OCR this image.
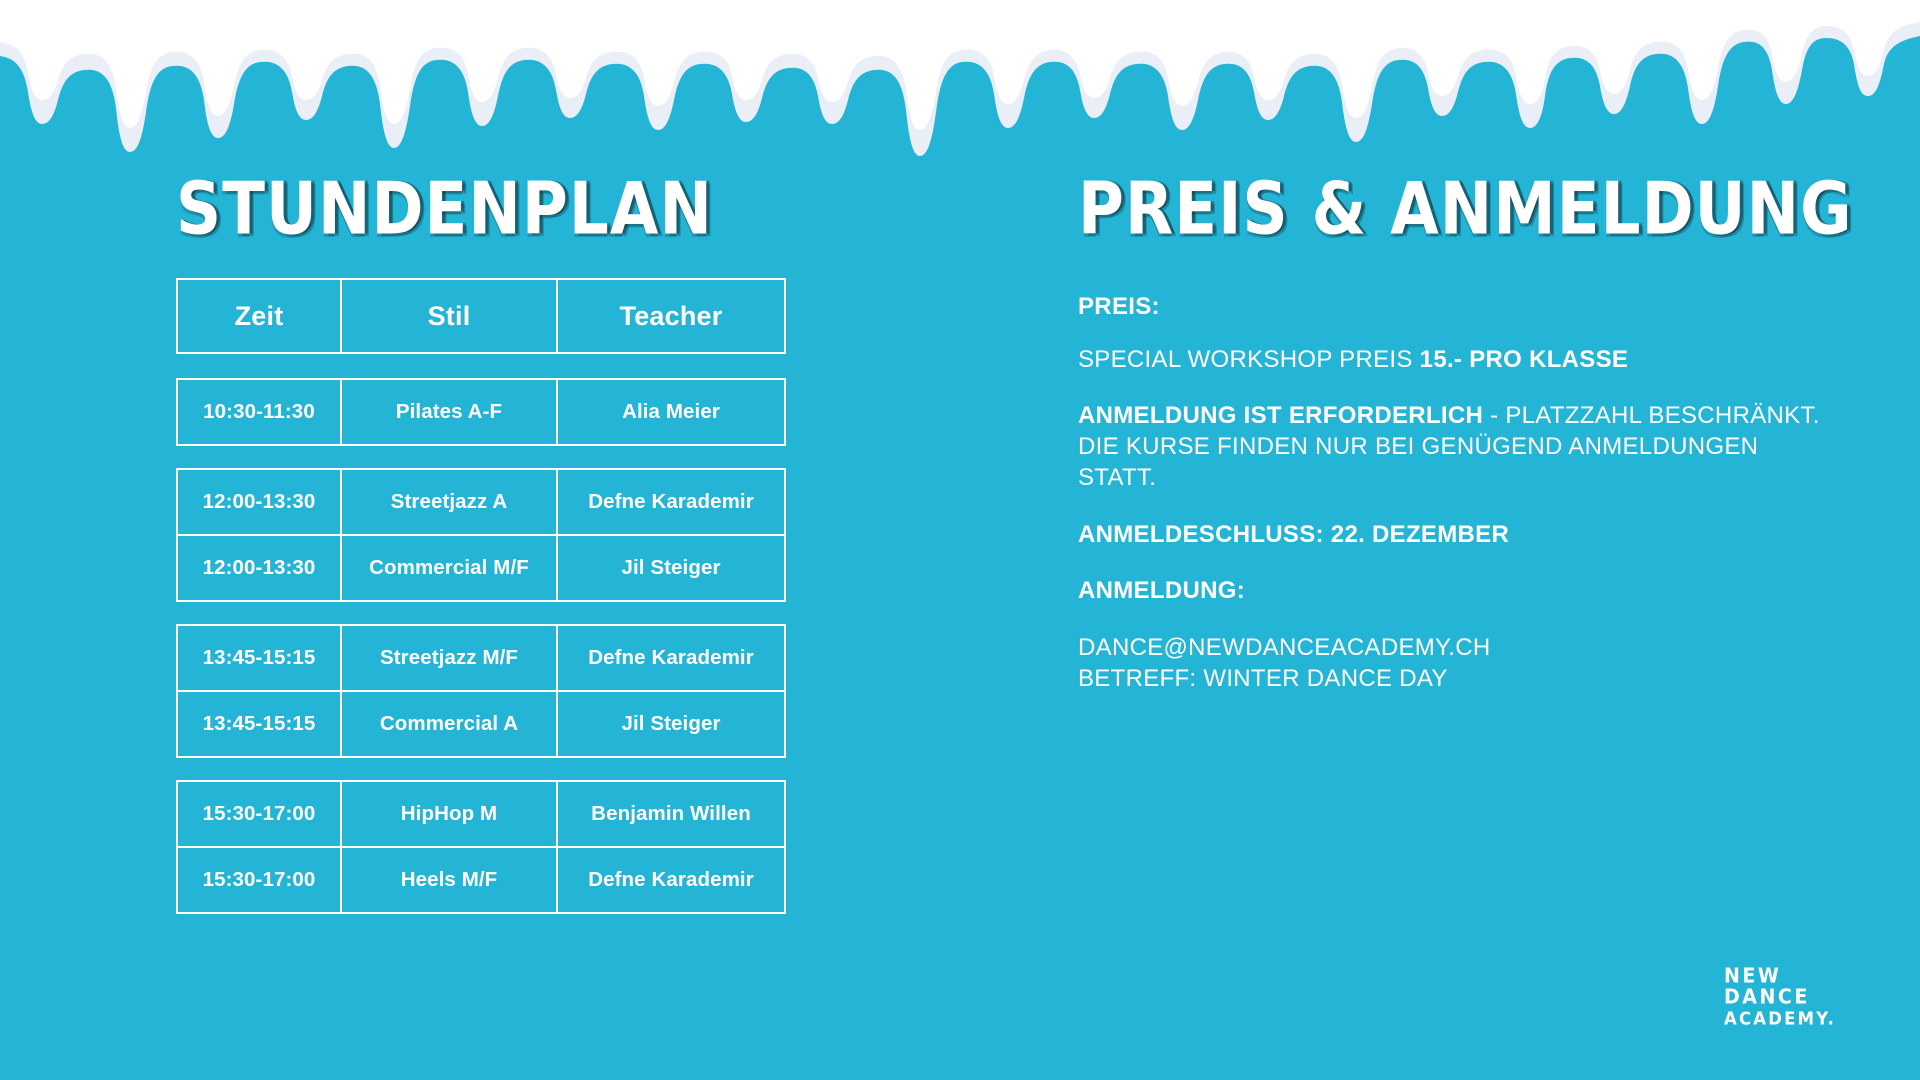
STUNDENPLAN
Zeit	Stil	Teacher

10:30-11:30	Pilates A-F	Alia Meier

12:00-13:30	Streetjazz A	Defne Karademir
12:00-13:30	Commercial M/F	Jil Steiger

13:45-15:15	Streetjazz M/F	Defne Karademir
13:45-15:15	Commercial A	Jil Steiger

15:30-17:00	HipHop M	Benjamin Willen
15:30-17:00	Heels M/F	Defne Karademir
PREIS & ANMELDUNG

PREIS:

SPECIAL WORKSHOP PREIS 15.- PRO KLASSE

ANMELDUNG IST ERFORDERLICH - PLATZZAHL BESCHRÄNKT. DIE KURSE FINDEN NUR BEI GENÜGEND ANMELDUNGEN STATT.

ANMELDESCHLUSS: 22. DEZEMBER

ANMELDUNG:

DANCE@NEWDANCEACADEMY.CH

BETREFF: WINTER DANCE DAY

NEW
DANCE
ACADEMY.
